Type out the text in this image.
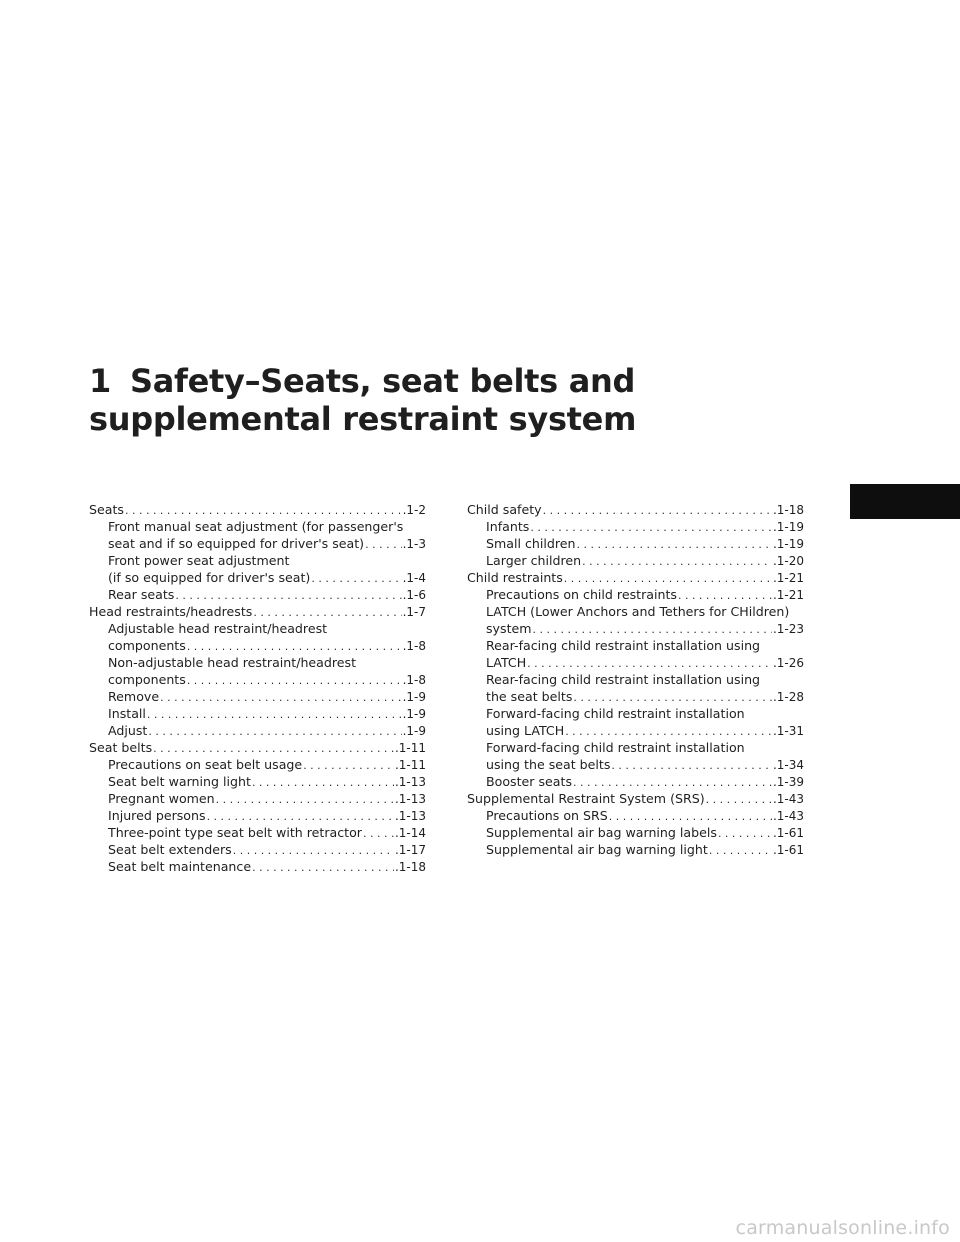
1 Safety–Seats, seat belts and
supplemental restraint system
Seats . . .	.1-2
Front manual seat adjustment (for passenger's
seat and if so equipped for driver's seat) . . .	.1-3
Front power seat adjustment
(if so equipped for driver's seat) . . .	.1-4
Rear seats . . .	.1-6
Head restraints/headrests . . .	.1-7
Adjustable head restraint/headrest
components . . .	.1-8
Non-adjustable head restraint/headrest
components . . .	.1-8
Remove . . .	.1-9
Install . . .	.1-9
Adjust . . .	.1-9
Seat belts . . .	.1-11
Precautions on seat belt usage . . .	.1-11
Seat belt warning light . . .	.1-13
Pregnant women . . .	.1-13
Injured persons . . .	.1-13
Three-point type seat belt with retractor . . .	.1-14
Seat belt extenders . . .	.1-17
Seat belt maintenance . . .	.1-18
Child safety . . .	.1-18
Infants . . .	.1-19
Small children . . .	.1-19
Larger children . . .	.1-20
Child restraints . . .	.1-21
Precautions on child restraints . . .	.1-21
LATCH (Lower Anchors and Tethers for CHildren)
system . . .	.1-23
Rear-facing child restraint installation using
LATCH . . .	.1-26
Rear-facing child restraint installation using
the seat belts . . .	.1-28
Forward-facing child restraint installation
using LATCH . . .	.1-31
Forward-facing child restraint installation
using the seat belts . . .	.1-34
Booster seats . . .	.1-39
Supplemental Restraint System (SRS) . . .	.1-43
Precautions on SRS . . .	.1-43
Supplemental air bag warning labels . . .	.1-61
Supplemental air bag warning light . . .	.1-61
carmanualsonline.info
